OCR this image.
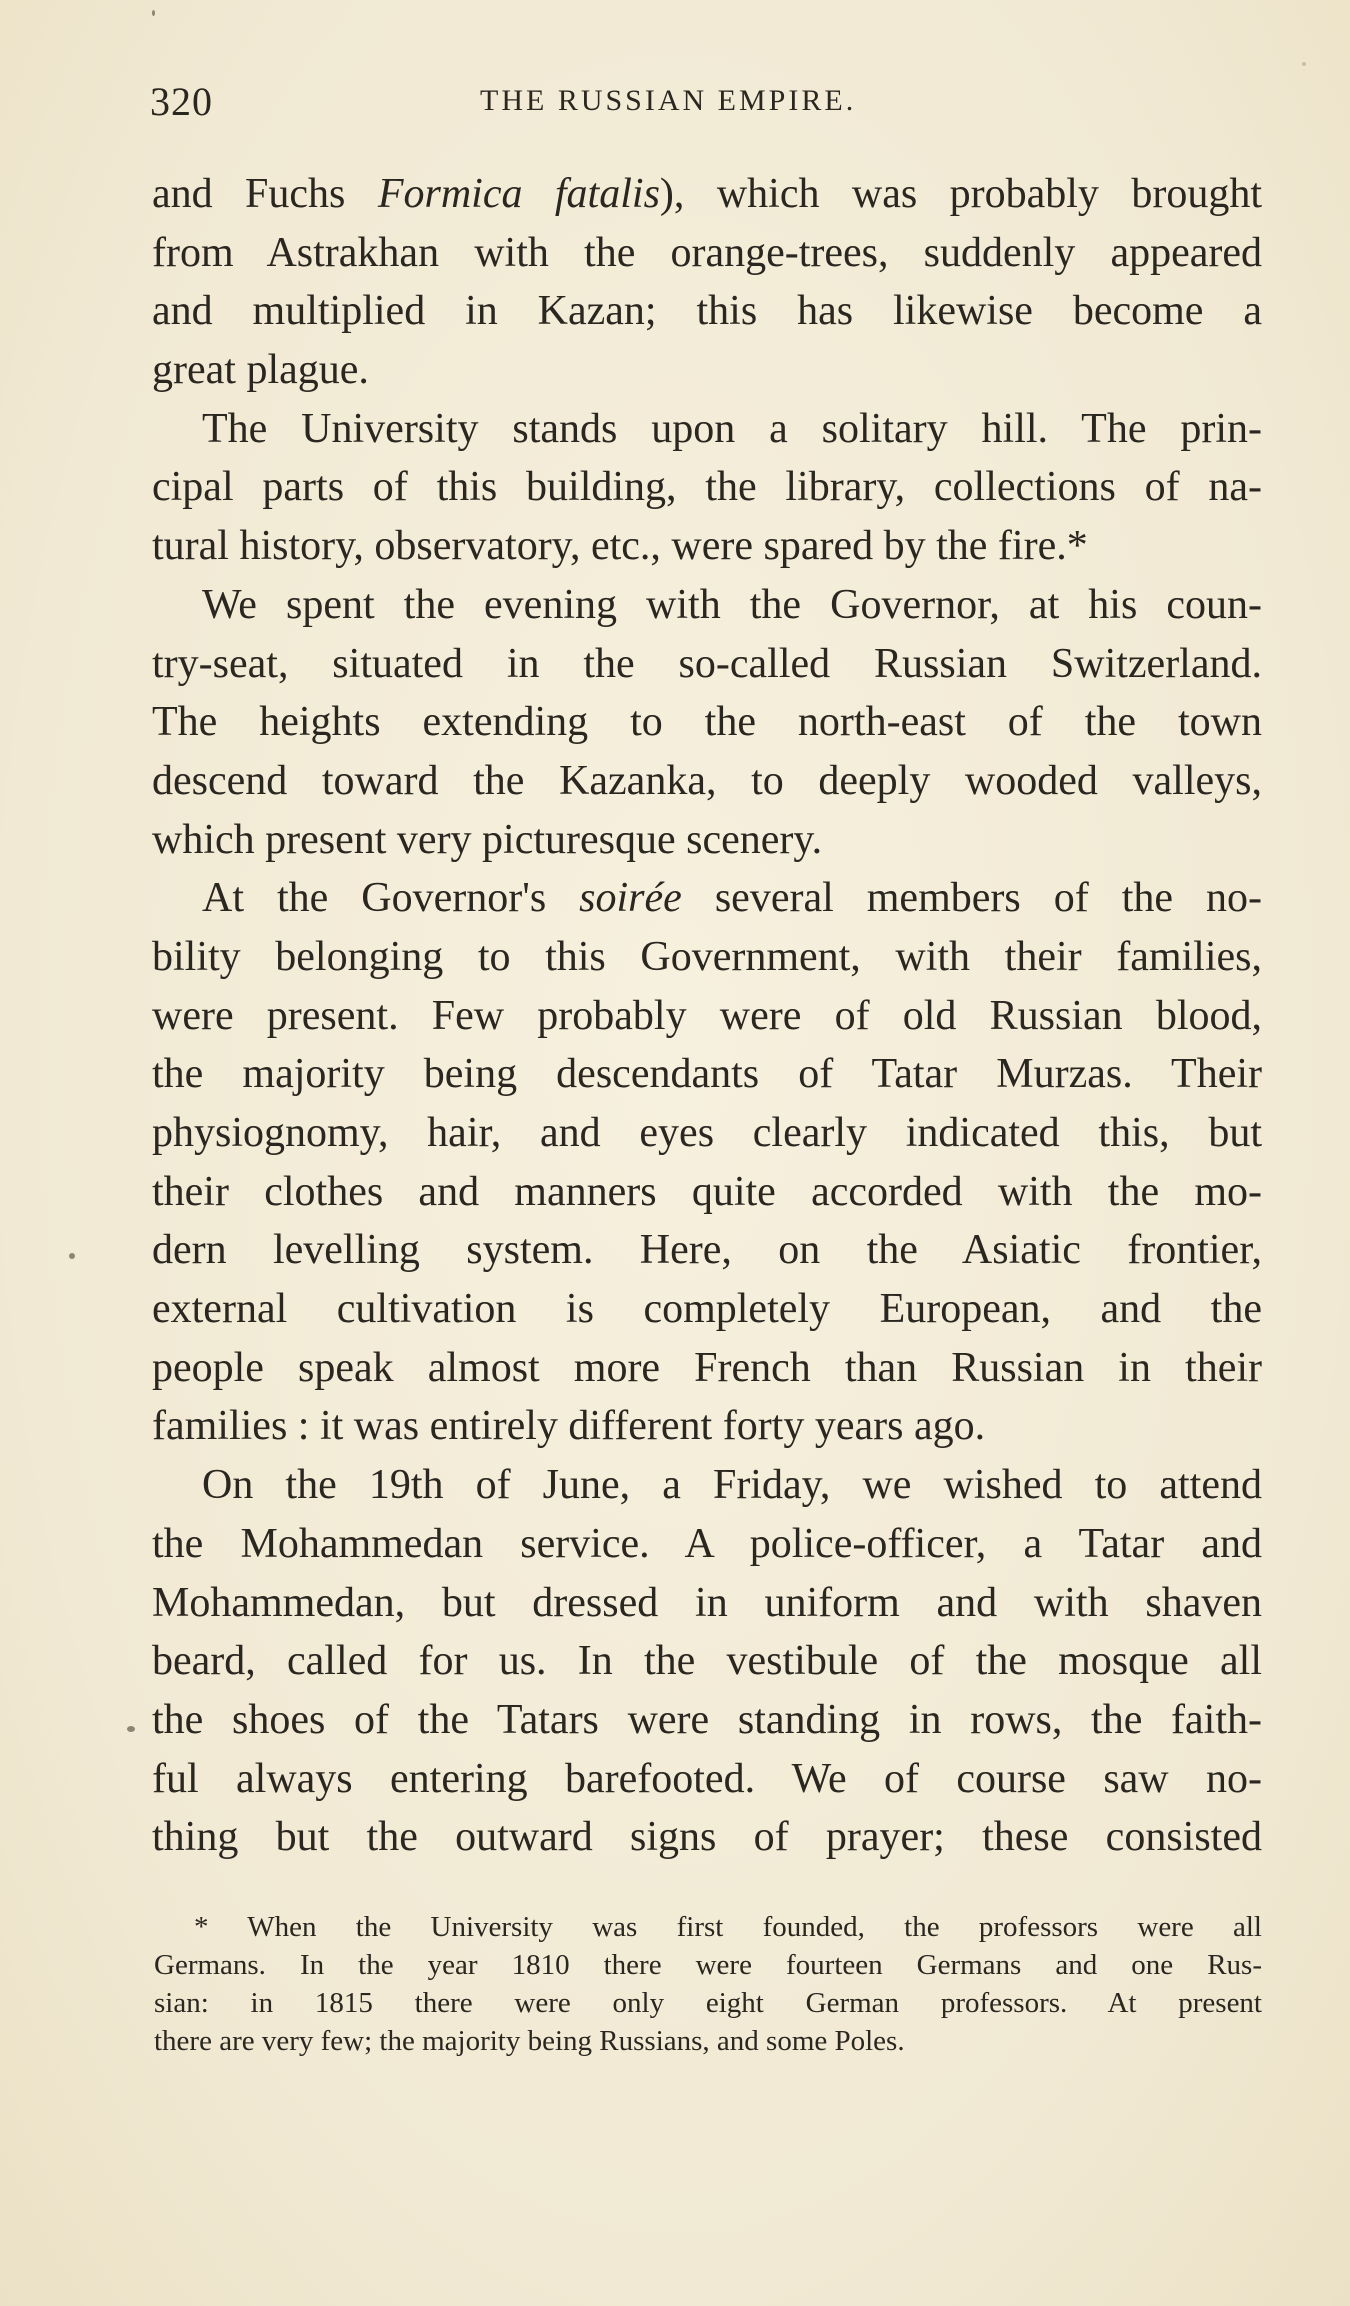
320	THE RUSSIAN EMPIRE.
and Fuchs Formica fatalis), which was probably brought
from Astrakhan with the orange-trees, suddenly appeared
and multiplied in Kazan; this has likewise become a
great plague.
The University stands upon a solitary hill. The prin-
cipal parts of this building, the library, collections of na-
tural history, observatory, etc., were spared by the fire.*
We spent the evening with the Governor, at his coun-
try-seat, situated in the so-called Russian Switzerland.
The heights extending to the north-east of the town
descend toward the Kazanka, to deeply wooded valleys,
which present very picturesque scenery.
At the Governor's soirée several members of the no-
bility belonging to this Government, with their families,
were present. Few probably were of old Russian blood,
the majority being descendants of Tatar Murzas. Their
physiognomy, hair, and eyes clearly indicated this, but
their clothes and manners quite accorded with the mo-
dern levelling system. Here, on the Asiatic frontier,
external cultivation is completely European, and the
people speak almost more French than Russian in their
families : it was entirely different forty years ago.
On the 19th of June, a Friday, we wished to attend
the Mohammedan service. A police-officer, a Tatar and
Mohammedan, but dressed in uniform and with shaven
beard, called for us. In the vestibule of the mosque all
the shoes of the Tatars were standing in rows, the faith-
ful always entering barefooted. We of course saw no-
thing but the outward signs of prayer; these consisted
* When the University was first founded, the professors were all
Germans. In the year 1810 there were fourteen Germans and one Rus-
sian: in 1815 there were only eight German professors. At present
there are very few; the majority being Russians, and some Poles.
